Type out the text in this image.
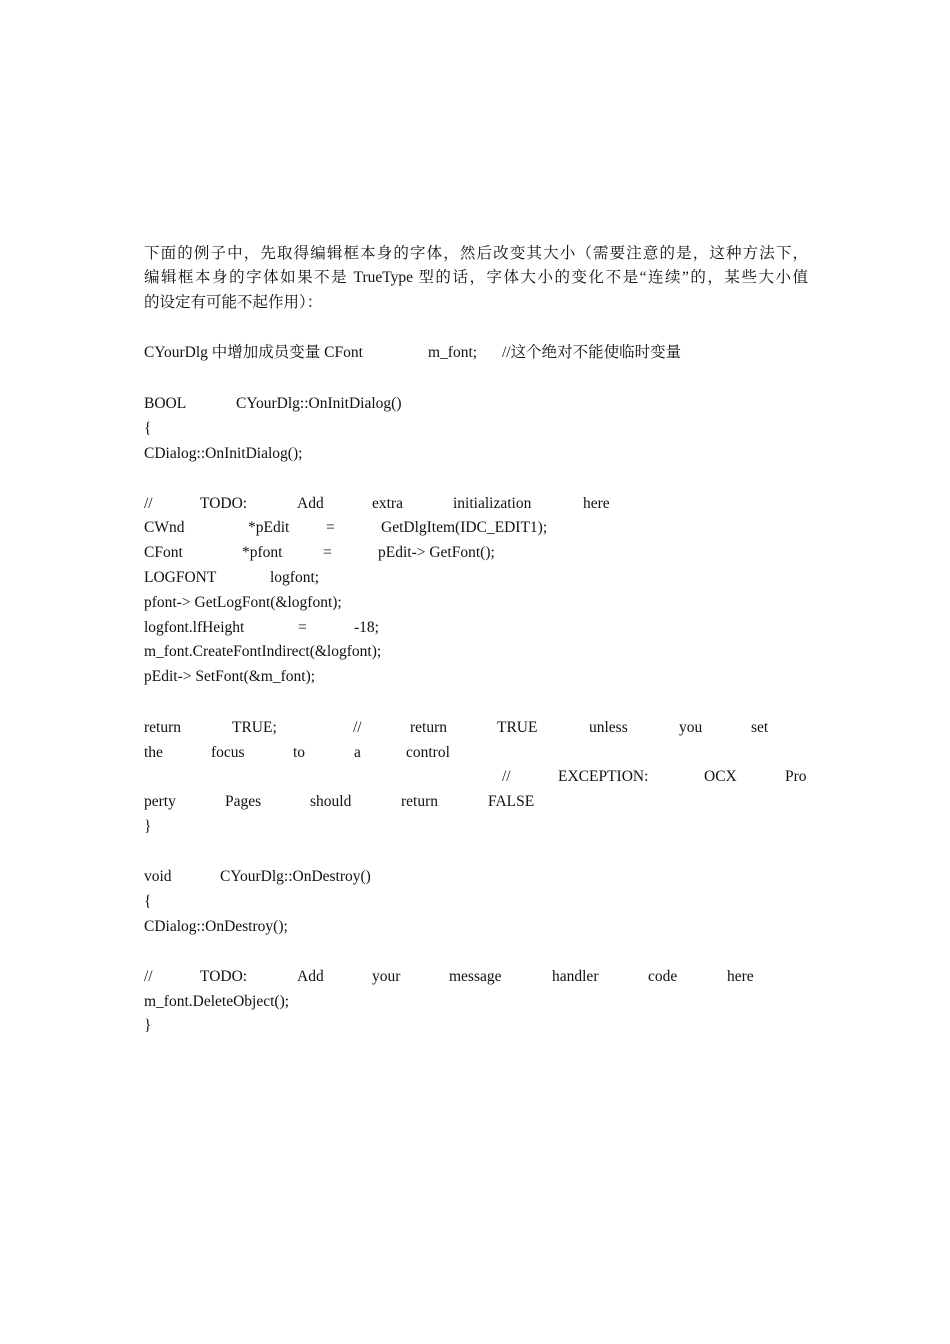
下面的例子中，先取得编辑框本身的字体，然后改变其大小（需要注意的是，这种方法下，
编辑框本身的字体如果不是 TrueType 型的话，字体大小的变化不是“连续”的，某些大小值
的设定有可能不起作用）：
CYourDlg 中增加成员变量 CFont	m_font; //这个绝对不能使临时变量
BOOL	CYourDlg::OnInitDialog()
{
CDialog::OnInitDialog();
//	TODO:	Add	extra	initialization	here
CWnd	*pEdit =	GetDlgItem(IDC_EDIT1);
CFont	*pfont	=	pEdit-> GetFont();
LOGFONT	logfont;
pfont-> GetLogFont(&logfont);
logfont.lfHeight	=	-18;
m_font.CreateFontIndirect(&logfont);
pEdit-> SetFont(&m_font);
return	TRUE;	//	return	TRUE	unless	you	set
the	focus	to	a	control
//	EXCEPTION:	OCX	Pro
perty	Pages	should	return	FALSE
}
void	CYourDlg::OnDestroy()
{
CDialog::OnDestroy();
//	TODO:	Add	your	message	handler	code	here
m_font.DeleteObject();
}
